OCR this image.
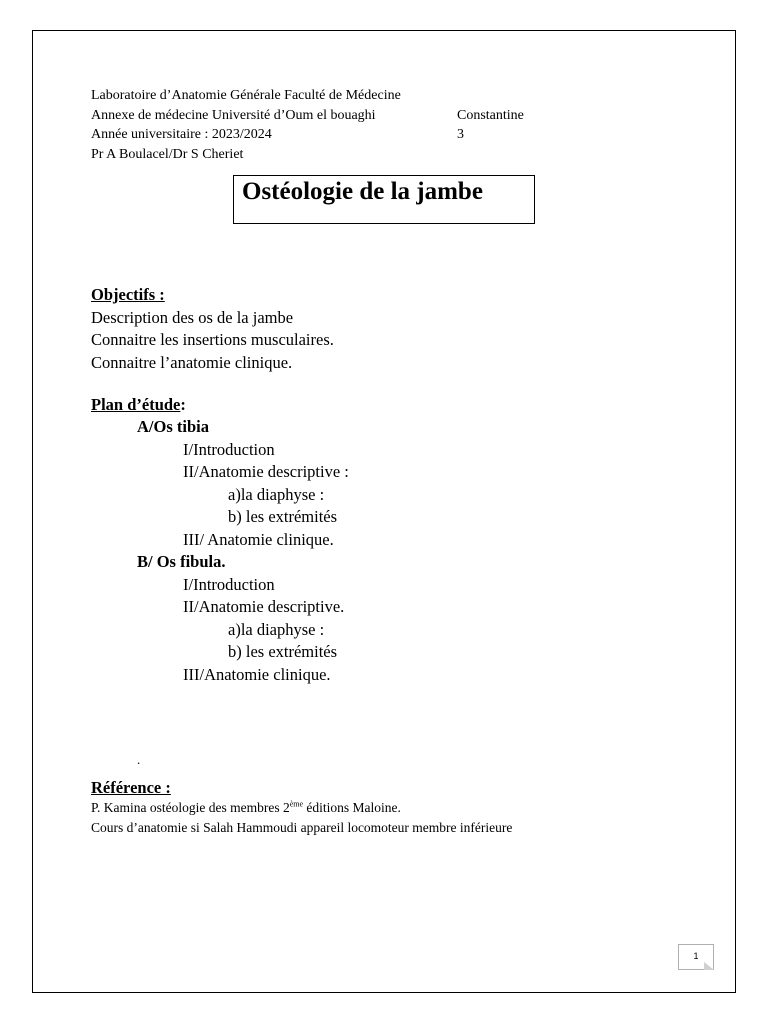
Laboratoire d’Anatomie Générale Faculté de Médecine
Annexe de médecine Université d’Oum el bouaghi	Constantine 3
Année universitaire : 2023/2024
Pr A Boulacel/Dr S Cheriet
Ostéologie de la jambe
Objectifs :
Description des os de la jambe
Connaitre les insertions musculaires.
Connaitre l’anatomie clinique.
Plan d’étude:
A/Os tibia
I/Introduction
II/Anatomie descriptive :
a)la diaphyse :
b) les extrémités
III/ Anatomie clinique.
B/ Os fibula.
I/Introduction
II/Anatomie descriptive.
a)la diaphyse :
b) les extrémités
III/Anatomie clinique.
.
Référence :
P. Kamina ostéologie des membres 2ème éditions Maloine.
Cours d’anatomie si Salah Hammoudi appareil locomoteur membre inférieure
1
